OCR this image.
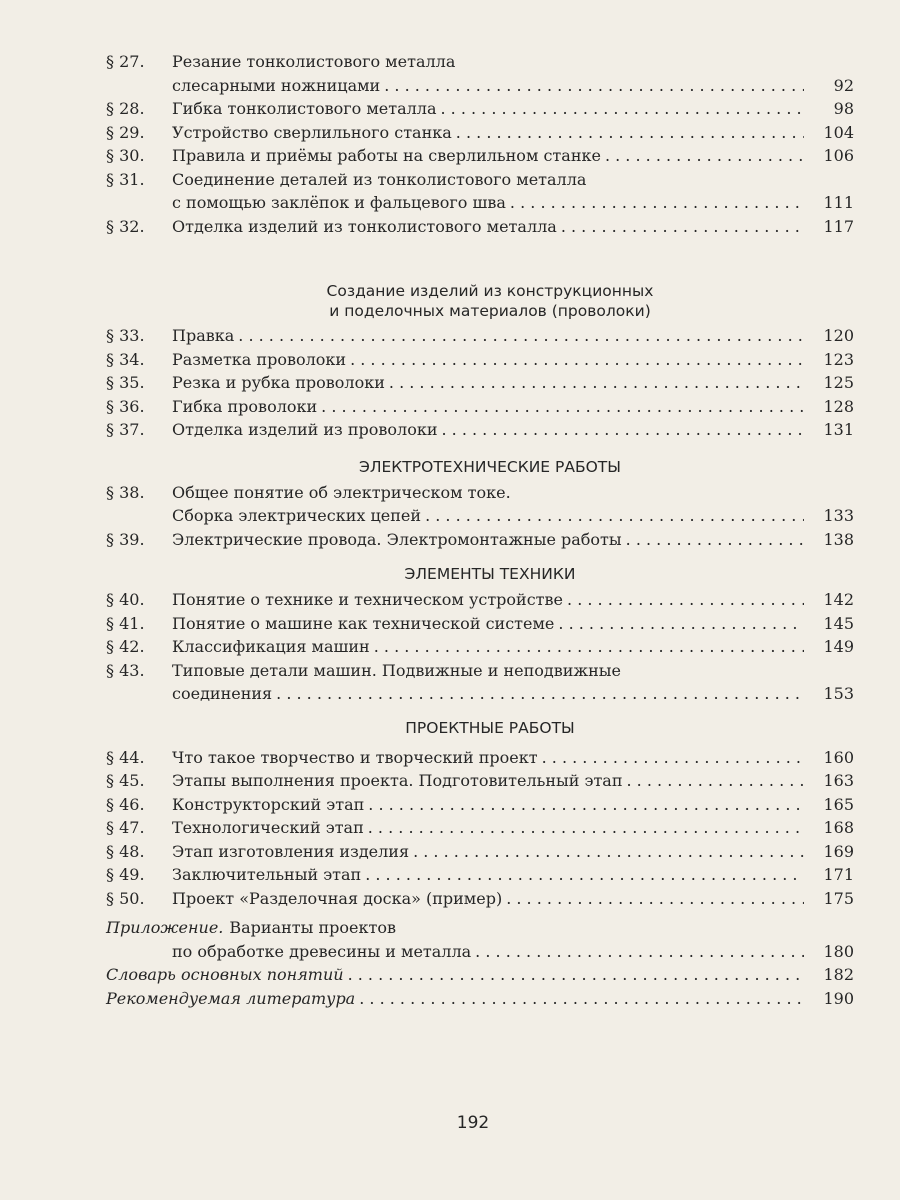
§ 27.	Резание тонколистового металла
слесарными ножницами . . .	92
§ 28.	Гибка тонколистового металла . . .	98
§ 29.	Устройство сверлильного станка . . .	104
§ 30.	Правила и приёмы работы на сверлильном станке . . .	106
§ 31.	Соединение деталей из тонколистового металла
с помощью заклёпок и фальцевого шва . . .	111
§ 32.	Отделка изделий из тонколистового металла . . .	117
Создание изделий из конструкционных
и поделочных материалов (проволоки)
§ 33.	Правка . . .	120
§ 34.	Разметка проволоки . . .	123
§ 35.	Резка и рубка проволоки . . .	125
§ 36.	Гибка проволоки . . .	128
§ 37.	Отделка изделий из проволоки . . .	131
ЭЛЕКТРОТЕХНИЧЕСКИЕ РАБОТЫ
§ 38.	Общее понятие об электрическом токе.
Сборка электрических цепей . . .	133
§ 39.	Электрические провода. Электромонтажные работы . . .	138
ЭЛЕМЕНТЫ ТЕХНИКИ
§ 40.	Понятие о технике и техническом устройстве . . .	142
§ 41.	Понятие о машине как технической системе . . .	145
§ 42.	Классификация машин . . .	149
§ 43.	Типовые детали машин. Подвижные и неподвижные
соединения . . .	153
ПРОЕКТНЫЕ РАБОТЫ
§ 44.	Что такое творчество и творческий проект . . .	160
§ 45.	Этапы выполнения проекта. Подготовительный этап . . .	163
§ 46.	Конструкторский этап . . .	165
§ 47.	Технологический этап . . .	168
§ 48.	Этап изготовления изделия . . .	169
§ 49.	Заключительный этап . . .	171
§ 50.	Проект «Разделочная доска» (пример) . . .	175
Приложение. Варианты проектов
по обработке древесины и металла . . .	180
Словарь основных понятий . . .	182
Рекомендуемая литература . . .	190
192
